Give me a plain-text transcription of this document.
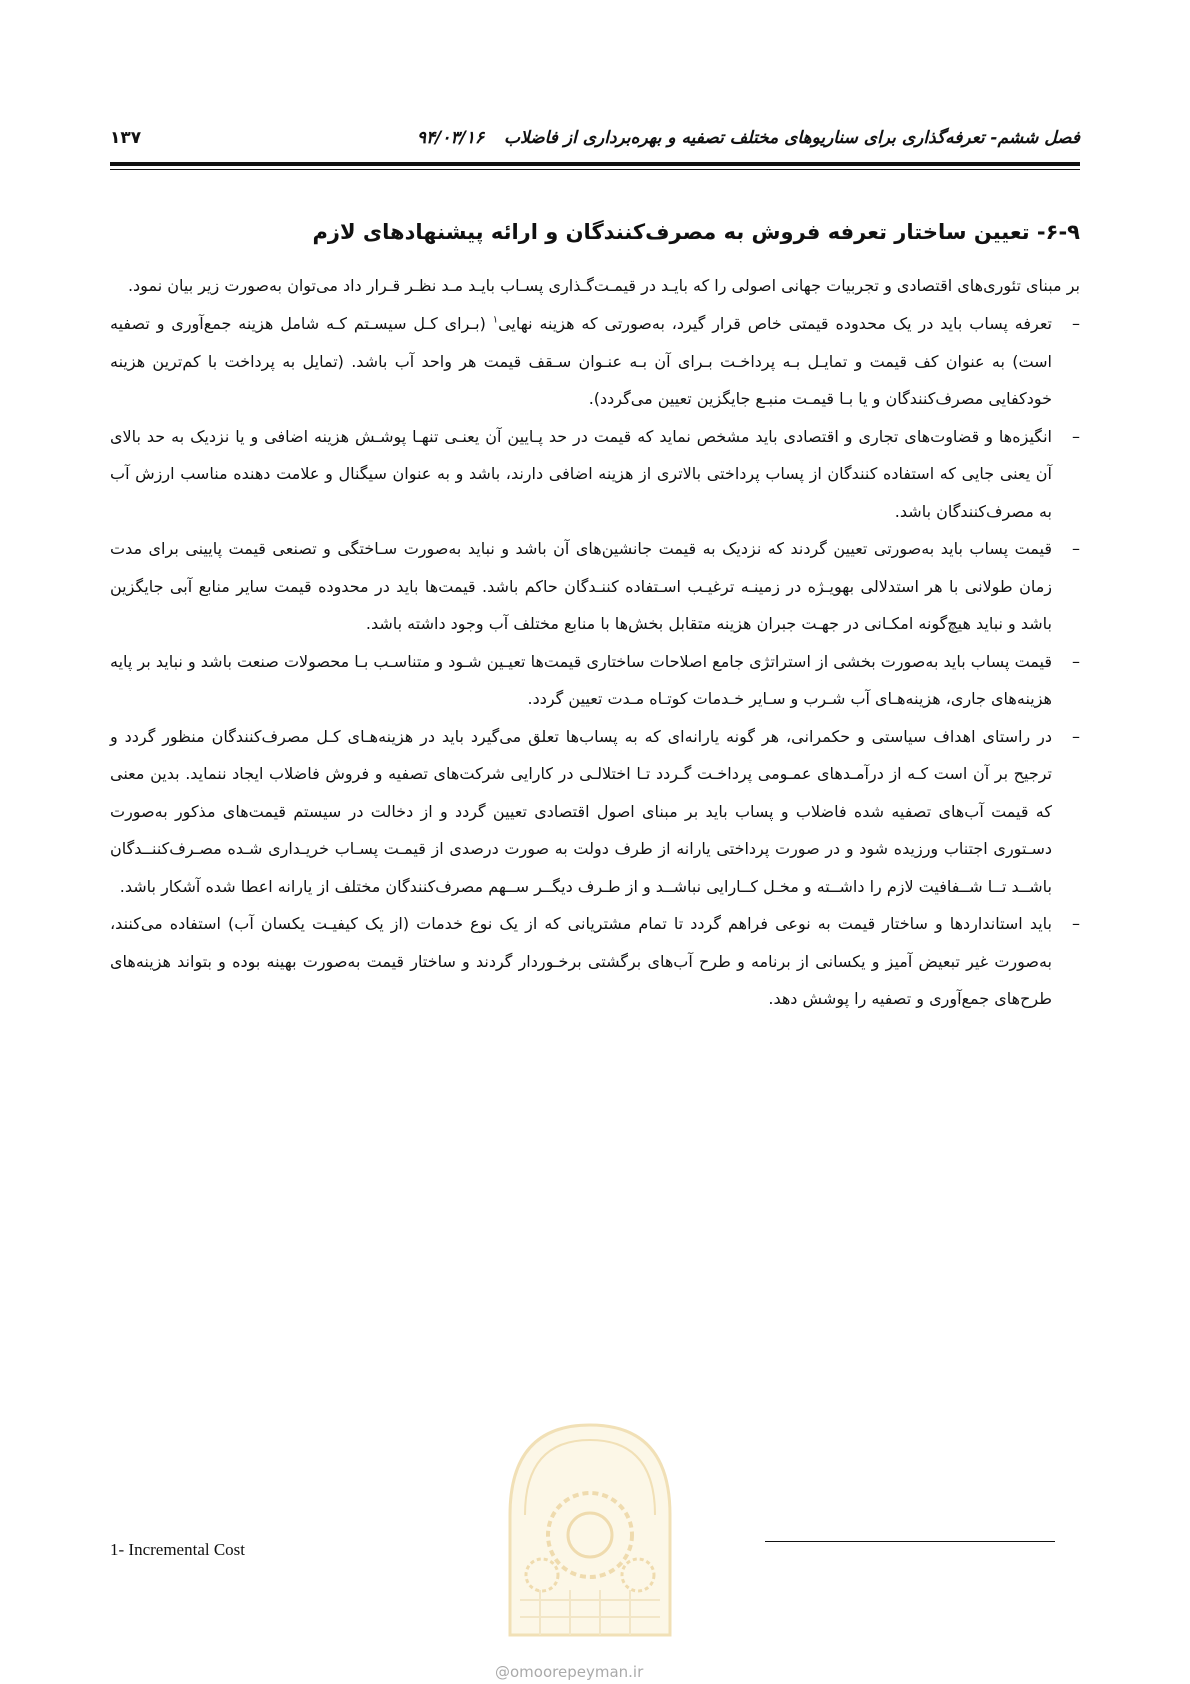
فصل ششم- تعرفه‌گذاری برای سناریوهای مختلف تصفیه و بهره‌برداری از فاضلاب ۹۴/۰۳/۱۶
۱۳۷
۶-۹- تعیین ساختار تعرفه فروش به مصرف‌کنندگان و ارائه پیشنهادهای لازم

بر مبنای تئوری‌های اقتصادی و تجربیات جهانی اصولی را که بایـد در قیمـت‌گـذاری پسـاب بایـد مـد نظـر قـرار داد می‌توان به‌صورت زیر بیان نمود.

–
تعرفه پساب باید در یک محدوده قیمتی خاص قرار گیرد، به‌صورتی که هزینه نهایی$^۱$ (بـرای کـل سیسـتم کـه شامل هزینه جمع‌آوری و تصفیه است) به عنوان کف قیمت و تمایـل بـه پرداخـت بـرای آن بـه عنـوان سـقف قیمت هر واحد آب باشد. (تمایل به پرداخت با کم‌ترین هزینه خودکفایی مصرف‌کنندگان و یا بـا قیمـت منبـع جایگزین تعیین می‌گردد).
–
انگیزه‌ها و قضاوت‌های تجاری و اقتصادی باید مشخص نماید که قیمت در حد پـایین آن یعنـی تنهـا پوشـش هزینه اضافی و یا نزدیک به حد بالای آن یعنی جایی که استفاده کنندگان از پساب پرداختی بالاتری از هزینه اضافی دارند، باشد و به عنوان سیگنال و علامت دهنده مناسب ارزش آب به مصرف‌کنندگان باشد.
–
قیمت پساب باید به‌صورتی تعیین گردند که نزدیک به قیمت جانشین‌های آن باشد و نباید به‌صورت سـاختگی و تصنعی قیمت پایینی برای مدت زمان طولانی با هر استدلالی بهویـژه در زمینـه ترغیـب اسـتفاده کننـدگان حاکم باشد. قیمت‌ها باید در محدوده قیمت سایر منابع آبی جایگزین باشد و نباید هیچ‌گونه امکـانی در جهـت جبران هزینه متقابل بخش‌ها با منابع مختلف آب وجود داشته باشد.
–
قیمت پساب باید به‌صورت بخشی از استراتژی جامع اصلاحات ساختاری قیمت‌ها تعیـین شـود و متناسـب بـا محصولات صنعت باشد و نباید بر پایه هزینه‌های جاری، هزینه‌هـای آب شـرب و سـایر خـدمات کوتـاه مـدت تعیین گردد.
–
در راستای اهداف سیاستی و حکمرانی، هر گونه یارانه‌ای که به پساب‌ها تعلق می‌گیرد باید در هزینه‌هـای کـل مصرف‌کنندگان منظور گردد و ترجیح بر آن است کـه از درآمـدهای عمـومی پرداخـت گـردد تـا اختلالـی در کارایی شرکت‌های تصفیه و فروش فاضلاب ایجاد ننماید. بدین معنی که قیمت آب‌های تصفیه شده فاضلاب و پساب باید بر مبنای اصول اقتصادی تعیین گردد و از دخالت در سیستم قیمت‌های مذکور به‌صورت دسـتوری اجتناب ورزیده شود و در صورت پرداختی یارانه از طرف دولت به صورت درصدی از قیمـت پسـاب خریـداری شـده مصـرف‌کننــدگان باشــد تــا شــفافیت لازم را داشــته و مخـل کــارایی نباشــد و از طـرف دیگــر ســهم مصرف‌کنندگان مختلف از یارانه اعطا شده آشکار باشد.
–
باید استانداردها و ساختار قیمت به نوعی فراهم گردد تا تمام مشتریانی که از یک نوع خدمات (از یک کیفیـت یکسان آب) استفاده می‌کنند، به‌صورت غیر تبعیض آمیز و یکسانی از برنامه و طرح آب‌های برگشتی برخـوردار گردند و ساختار قیمت به‌صورت بهینه بوده و بتواند هزینه‌های طرح‌های جمع‌آوری و تصفیه را پوشش دهد.
1- Incremental Cost
@omoorepeyman.ir
